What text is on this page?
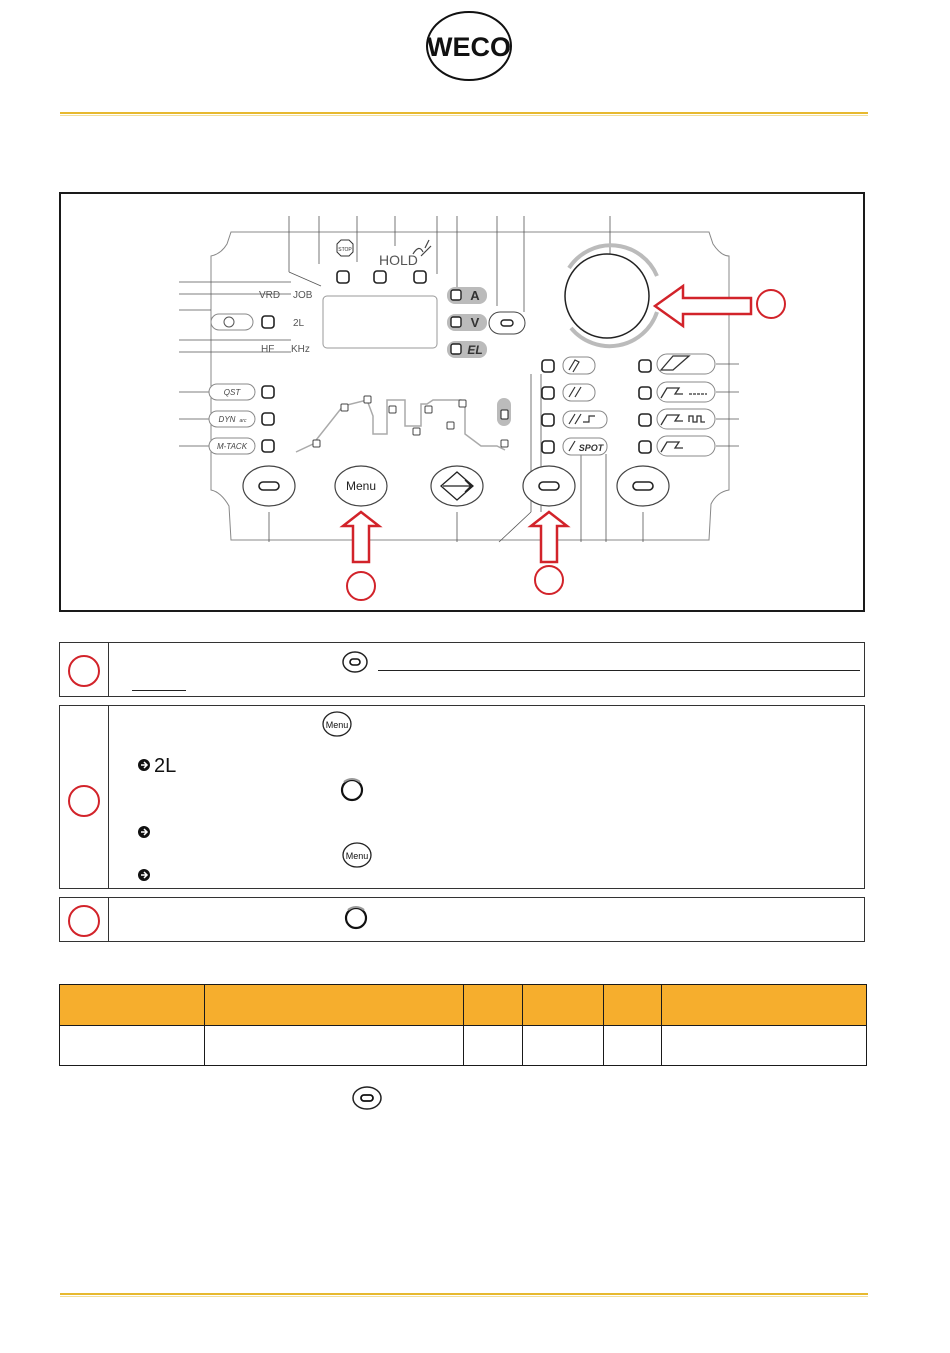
WECO
STOP
HOLD
VRD JOB
2L
HF KHz
QST
DYN arc
M-TACK
A
V
EL
SPOT
Menu
Menu
2L
Menu
